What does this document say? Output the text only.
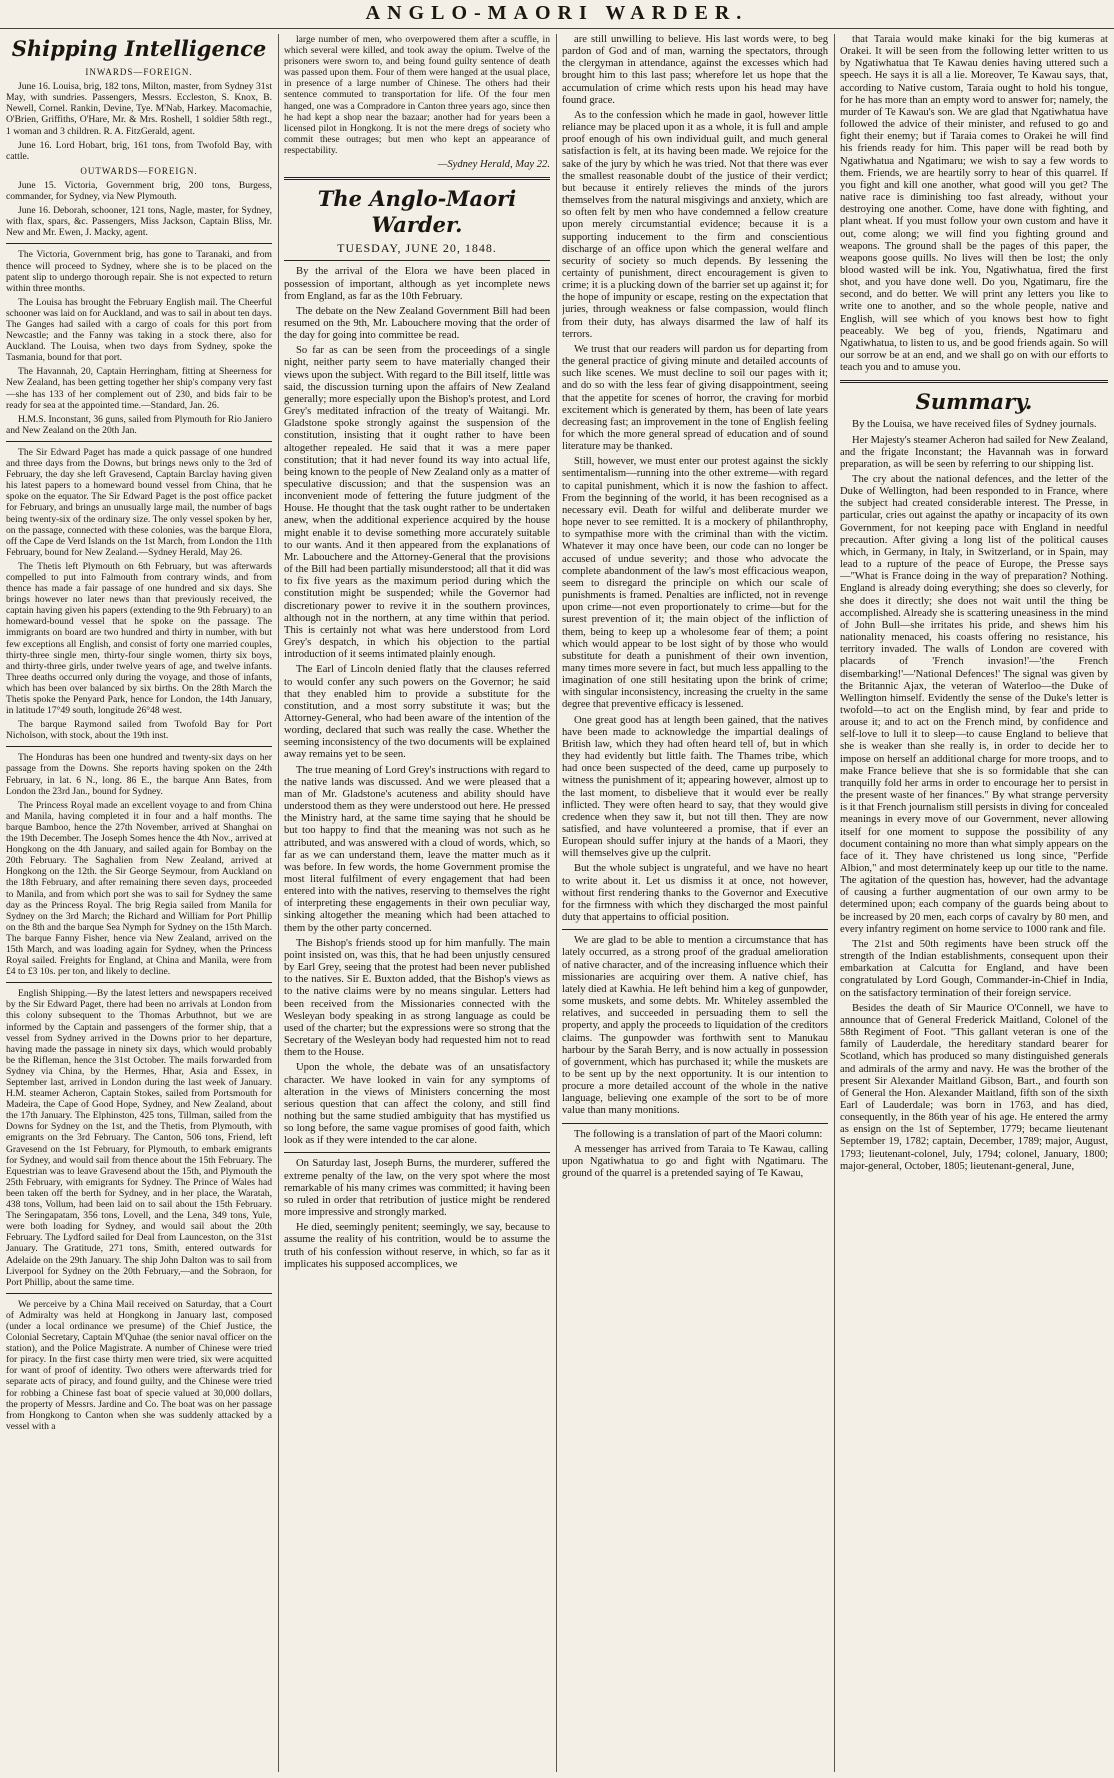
ANGLO-MAORI WARDER.
Shipping Intelligence
INWARDS—FOREIGN.

June 16. Louisa, brig, 182 tons, Milton, master, from Sydney 31st May, with sundries. Passengers, Messrs. Eccleston, S. Knox, B. Newell, Cornel. Rankin, Devine, Tye. M'Nab, Harkey. Macomachie, O'Brien, Griffiths, O'Hare, Mr. & Mrs. Roshell, 1 soldier 58th regt., 1 woman and 3 children. R. A. FitzGerald, agent.

June 16. Lord Hobart, brig, 161 tons, from Twofold Bay, with cattle.

OUTWARDS—FOREIGN.

June 15. Victoria, Government brig, 200 tons, Burgess, commander, for Sydney, via New Plymouth.

June 16. Deborah, schooner, 121 tons, Nagle, master, for Sydney, with flax, spars, &c. Passengers, Miss Jackson, Captain Bliss, Mr. New and Mr. Ewen, J. Macky, agent.

The Victoria, Government brig, has gone to Taranaki, and from thence will proceed to Sydney, where she is to be placed on the patent slip to undergo thorough repair. She is not expected to return within three months.

The Louisa has brought the February English mail. The Cheerful schooner was laid on for Auckland, and was to sail in about ten days. The Ganges had sailed with a cargo of coals for this port from Newcastle; and the Fanny was taking in a stock there, also for Auckland. The Louisa, when two days from Sydney, spoke the Tasmania, bound for that port.

The Havannah, 20, Captain Herringham, fitting at Sheerness for New Zealand, has been getting together her ship's company very fast—she has 133 of her complement out of 230, and bids fair to be ready for sea at the appointed time.—Standard, Jan. 26.

H.M.S. Inconstant, 36 guns, sailed from Plymouth for Rio Janiero and New Zealand on the 20th Jan.

The Sir Edward Paget has made a quick passage of one hundred and three days from the Downs, but brings news only to the 3rd of February, the day she left Gravesend, Captain Barclay having given his latest papers to a homeward bound vessel from China, that he spoke on the equator. The Sir Edward Paget is the post office packet for February, and brings an unusually large mail, the number of bags being twenty-six of the ordinary size. The only vessel spoken by her, on the passage, connected with these colonies, was the barque Elora, off the Cape de Verd Islands on the 1st March, from London the 11th February, bound for New Zealand.—Sydney Herald, May 26.

The Thetis left Plymouth on 6th February, but was afterwards compelled to put into Falmouth from contrary winds, and from thence has made a fair passage of one hundred and six days. She brings however no later news than that previously received, the captain having given his papers (extending to the 9th February) to an homeward-bound vessel that he spoke on the passage. The immigrants on board are two hundred and thirty in number, with but few exceptions all English, and consist of forty one married couples, thirty-three single men, thirty-four single women, thirty six boys, and thirty-three girls, under twelve years of age, and twelve infants. Three deaths occurred only during the voyage, and those of infants, which has been over balanced by six births. On the 28th March the Thetis spoke the Penyard Park, hence for London, the 14th January, in latitude 17°49 south, longitude 26°48 west.

The barque Raymond sailed from Twofold Bay for Port Nicholson, with stock, about the 19th inst.

The Honduras has been one hundred and twenty-six days on her passage from the Downs. She reports having spoken on the 24th February, in lat. 6 N., long. 86 E., the barque Ann Bates, from London the 23rd Jan., bound for Sydney.

The Princess Royal made an excellent voyage to and from China and Manila, having completed it in four and a half months. The barque Bamboo, hence the 27th November, arrived at Shanghai on the 19th December. The Joseph Somes hence the 4th Nov., arrived at Hongkong on the 4th January, and sailed again for Bombay on the 20th February. The Saghalien from New Zealand, arrived at Hongkong on the 12th. the Sir George Seymour, from Auckland on the 18th February, and after remaining there seven days, proceeded to Manila, and from which port she was to sail for Sydney the same day as the Princess Royal. The brig Regia sailed from Manila for Sydney on the 3rd March; the Richard and William for Port Phillip on the 8th and the barque Sea Nymph for Sydney on the 15th March. The barque Fanny Fisher, hence via New Zealand, arrived on the 15th March, and was loading again for Sydney, when the Princess Royal sailed. Freights for England, at China and Manila, were from £4 to £3 10s. per ton, and likely to decline.

English Shipping.—By the latest letters and newspapers received by the Sir Edward Paget, there had been no arrivals at London from this colony subsequent to the Thomas Arbuthnot, but we are informed by the Captain and passengers of the former ship, that a vessel from Sydney arrived in the Downs prior to her departure, having made the passage in ninety six days, which would probably be the Rifleman, hence the 31st October. The mails forwarded from Sydney via China, by the Hermes, Hhar, Asia and Essex, in September last, arrived in London during the last week of January. H.M. steamer Acheron, Captain Stokes, sailed from Portsmouth for Madeira, the Cape of Good Hope, Sydney, and New Zealand, about the 17th January. The Elphinston, 425 tons, Tillman, sailed from the Downs for Sydney on the 1st, and the Thetis, from Plymouth, with emigrants on the 3rd February. The Canton, 506 tons, Friend, left Gravesend on the 1st February, for Plymouth, to embark emigrants for Sydney, and would sail from thence about the 15th February. The Equestrian was to leave Gravesend about the 15th, and Plymouth the 25th February, with emigrants for Sydney. The Prince of Wales had been taken off the berth for Sydney, and in her place, the Waratah, 438 tons, Vollum, had been laid on to sail about the 15th February. The Seringapatam, 356 tons, Lovell, and the Lena, 349 tons, Yule, were both loading for Sydney, and would sail about the 20th February. The Lydford sailed for Deal from Launceston, on the 31st January. The Gratitude, 271 tons, Smith, entered outwards for Adelaide on the 29th January. The ship John Dalton was to sail from Liverpool for Sydney on the 20th February,—and the Sobraon, for Port Phillip, about the same time.

We perceive by a China Mail received on Saturday, that a Court of Admiralty was held at Hongkong in January last, composed (under a local ordinance we presume) of the Chief Justice, the Colonial Secretary, Captain M'Quhae (the senior naval officer on the station), and the Police Magistrate. A number of Chinese were tried for piracy. In the first case thirty men were tried, six were acquitted for want of proof of identity. Two others were afterwards tried for separate acts of piracy, and found guilty, and the Chinese were tried for robbing a Chinese fast boat of specie valued at 30,000 dollars, the property of Messrs. Jardine and Co. The boat was on her passage from Hongkong to Canton when she was suddenly attacked by a vessel with a

large number of men, who overpowered them after a scuffle, in which several were killed, and took away the opium. Twelve of the prisoners were sworn to, and being found guilty sentence of death was passed upon them. Four of them were hanged at the usual place, in presence of a large number of Chinese. The others had their sentence commuted to transportation for life. Of the four men hanged, one was a Compradore in Canton three years ago, since then he had kept a shop near the bazaar; another had for years been a licensed pilot in Hongkong. It is not the mere dregs of society who commit these outrages; but men who kept an appearance of respectability.

—Sydney Herald, May 22.
The Anglo-Maori Warder.
TUESDAY, JUNE 20, 1848.

By the arrival of the Elora we have been placed in possession of important, although as yet incomplete news from England, as far as the 10th February.

The debate on the New Zealand Government Bill had been resumed on the 9th, Mr. Labouchere moving that the order of the day for going into committee be read.

So far as can be seen from the proceedings of a single night, neither party seem to have materially changed their views upon the subject. With regard to the Bill itself, little was said, the discussion turning upon the affairs of New Zealand generally; more especially upon the Bishop's protest, and Lord Grey's meditated infraction of the treaty of Waitangi. Mr. Gladstone spoke strongly against the suspension of the constitution, insisting that it ought rather to have been altogether repealed. He said that it was a mere paper constitution; that it had never found its way into actual life, being known to the people of New Zealand only as a matter of speculative discussion; and that the suspension was an inconvenient mode of fettering the future judgment of the House. He thought that the task ought rather to be undertaken anew, when the additional experience acquired by the house might enable it to devise something more accurately suitable to our wants. And it then appeared from the explanations of Mr. Labouchere and the Attorney-General that the provisions of the Bill had been partially misunderstood; all that it did was to fix five years as the maximum period during which the constitution might be suspended; while the Governor had discretionary power to revive it in the southern provinces, although not in the northern, at any time within that period. This is certainly not what was here understood from Lord Grey's despatch, in which his objection to the partial introduction of it seems intimated plainly enough.

The Earl of Lincoln denied flatly that the clauses referred to would confer any such powers on the Governor; he said that they enabled him to provide a substitute for the constitution, and a most sorry substitute it was; but the Attorney-General, who had been aware of the intention of the wording, declared that such was really the case. Whether the seeming inconsistency of the two documents will be explained away remains yet to be seen.

The true meaning of Lord Grey's instructions with regard to the native lands was discussed. And we were pleased that a man of Mr. Gladstone's acuteness and ability should have understood them as they were understood out here. He pressed the Ministry hard, at the same time saying that he should be but too happy to find that the meaning was not such as he attributed, and was answered with a cloud of words, which, so far as we can understand them, leave the matter much as it was before. In few words, the home Government promise the most literal fulfilment of every engagement that had been entered into with the natives, reserving to themselves the right of interpreting these engagements in their own peculiar way, sinking altogether the meaning which had been attached to them by the other party concerned.

The Bishop's friends stood up for him manfully. The main point insisted on, was this, that he had been unjustly censured by Earl Grey, seeing that the protest had been never published to the natives. Sir E. Buxton added, that the Bishop's views as to the native claims were by no means singular. Letters had been received from the Missionaries connected with the Wesleyan body speaking in as strong language as could be used of the charter; but the expressions were so strong that the Secretary of the Wesleyan body had requested him not to read them to the House.

Upon the whole, the debate was of an unsatisfactory character. We have looked in vain for any symptoms of alteration in the views of Ministers concerning the most serious question that can affect the colony, and still find nothing but the same studied ambiguity that has mystified us so long before, the same vague promises of good faith, which look as if they were intended to the car alone.

On Saturday last, Joseph Burns, the murderer, suffered the extreme penalty of the law, on the very spot where the most remarkable of his many crimes was committed; it having been so ruled in order that retribution of justice might be rendered more impressive and strongly marked.

He died, seemingly penitent; seemingly, we say, because to assume the reality of his contrition, would be to assume the truth of his confession without reserve, in which, so far as it implicates his supposed accomplices, we

are still unwilling to believe. His last words were, to beg pardon of God and of man, warning the spectators, through the clergyman in attendance, against the excesses which had brought him to this last pass; wherefore let us hope that the accumulation of crime which rests upon his head may have found grace.

As to the confession which he made in gaol, however little reliance may be placed upon it as a whole, it is full and ample proof enough of his own individual guilt, and much general satisfaction is felt, at its having been made. We rejoice for the sake of the jury by which he was tried. Not that there was ever the smallest reasonable doubt of the justice of their verdict; but because it entirely relieves the minds of the jurors themselves from the natural misgivings and anxiety, which are so often felt by men who have condemned a fellow creature upon merely circumstantial evidence; because it is a supporting inducement to the firm and conscientious discharge of an office upon which the general welfare and security of society so much depends. By lessening the certainty of punishment, direct encouragement is given to crime; it is a plucking down of the barrier set up against it; for the hope of impunity or escape, resting on the expectation that juries, through weakness or false compassion, would flinch from their duty, has always disarmed the law of half its terrors.

We trust that our readers will pardon us for departing from the general practice of giving minute and detailed accounts of such like scenes. We must decline to soil our pages with it; and do so with the less fear of giving disappointment, seeing that the appetite for scenes of horror, the craving for morbid excitement which is generated by them, has been of late years decreasing fast; an improvement in the tone of English feeling for which the more general spread of education and of sound literature may be thanked.

Still, however, we must enter our protest against the sickly sentimentalism—running into the other extreme—with regard to capital punishment, which it is now the fashion to affect. From the beginning of the world, it has been recognised as a necessary evil. Death for wilful and deliberate murder we hope never to see remitted. It is a mockery of philanthrophy, to sympathise more with the criminal than with the victim. Whatever it may once have been, our code can no longer be accused of undue severity; and those who advocate the complete abandonment of the law's most efficacious weapon, seem to disregard the principle on which our scale of punishments is framed. Penalties are inflicted, not in revenge upon crime—not even proportionately to crime—but for the surest prevention of it; the main object of the infliction of them, being to keep up a wholesome fear of them; a point which would appear to be lost sight of by those who would substitute for death a punishment of their own invention, many times more severe in fact, but much less appalling to the imagination of one still hesitating upon the brink of crime; with singular inconsistency, increasing the cruelty in the same degree that preventive efficacy is lessened.

One great good has at length been gained, that the natives have been made to acknowledge the impartial dealings of British law, which they had often heard tell of, but in which they had evidently but little faith. The Thames tribe, which had once been suspected of the deed, came up purposely to witness the punishment of it; appearing however, almost up to the last moment, to disbelieve that it would ever be really inflicted. They were often heard to say, that they would give credence when they saw it, but not till then. They are now satisfied, and have volunteered a promise, that if ever an European should suffer injury at the hands of a Maori, they will themselves give up the culprit.

But the whole subject is ungrateful, and we have no heart to write about it. Let us dismiss it at once, not however, without first rendering thanks to the Governor and Executive for the firmness with which they discharged the most painful duty that appertains to official position.

We are glad to be able to mention a circumstance that has lately occurred, as a strong proof of the gradual amelioration of native character, and of the increasing influence which their missionaries are acquiring over them. A native chief, has lately died at Kawhia. He left behind him a keg of gunpowder, some muskets, and some debts. Mr. Whiteley assembled the relatives, and succeeded in persuading them to sell the property, and apply the proceeds to liquidation of the creditors claims. The gunpowder was forthwith sent to Manukau harbour by the Sarah Berry, and is now actually in possession of government, which has purchased it; while the muskets are to be sent up by the next opportunity. It is our intention to procure a more detailed account of the whole in the native language, believing one example of the sort to be of more value than many monitions.

The following is a translation of part of the Maori column:

A messenger has arrived from Taraia to Te Kawau, calling upon Ngatiwhatua to go and fight with Ngatimaru. The ground of the quarrel is a pretended saying of Te Kawau,

that Taraia would make kinaki for the big kumeras at Orakei. It will be seen from the following letter written to us by Ngatiwhatua that Te Kawau denies having uttered such a speech. He says it is all a lie. Moreover, Te Kawau says, that, according to Native custom, Taraia ought to hold his tongue, for he has more than an empty word to answer for; namely, the murder of Te Kawau's son. We are glad that Ngatiwhatua have followed the advice of their minister, and refused to go and fight their enemy; but if Taraia comes to Orakei he will find his friends ready for him. This paper will be read both by Ngatiwhatua and Ngatimaru; we wish to say a few words to them. Friends, we are heartily sorry to hear of this quarrel. If you fight and kill one another, what good will you get? The native race is diminishing too fast already, without your destroying one another. Come, have done with fighting, and plant wheat. If you must follow your own custom and have it out, come along; we will find you fighting ground and weapons. The ground shall be the pages of this paper, the weapons goose quills. No lives will then be lost; the only blood wasted will be ink. You, Ngatiwhatua, fired the first shot, and you have done well. Do you, Ngatimaru, fire the second, and do better. We will print any letters you like to write one to another, and so the whole people, native and English, will see which of you knows best how to fight peaceably. We beg of you, friends, Ngatimaru and Ngatiwhatua, to listen to us, and be good friends again. So will our sorrow be at an end, and we shall go on with our efforts to teach you and to amuse you.

Summary.

By the Louisa, we have received files of Sydney journals.

Her Majesty's steamer Acheron had sailed for New Zealand, and the frigate Inconstant; the Havannah was in forward preparation, as will be seen by referring to our shipping list.

The cry about the national defences, and the letter of the Duke of Wellington, had been responded to in France, where the subject had created considerable interest. The Presse, in particular, cries out against the apathy or incapacity of its own Government, for not keeping pace with England in needful precaution. After giving a long list of the political causes which, in Germany, in Italy, in Switzerland, or in Spain, may lead to a rupture of the peace of Europe, the Presse says—"What is France doing in the way of preparation? Nothing. England is already doing everything; she does so cleverly, for she does it directly; she does not wait until the thing be accomplished. Already she is scattering uneasiness in the mind of John Bull—she irritates his pride, and shews him his nationality menaced, his coasts offering no resistance, his territory invaded. The walls of London are covered with placards of 'French invasion!'—'the French disembarking!'—'National Defences!' The signal was given by the Britannic Ajax, the veteran of Waterloo—the Duke of Wellington himself. Evidently the sense of the Duke's letter is twofold—to act on the English mind, by fear and pride to arouse it; and to act on the French mind, by confidence and self-love to lull it to sleep—to cause England to believe that she is weaker than she really is, in order to decide her to impose on herself an additional charge for more troops, and to make France believe that she is so formidable that she can tranquilly fold her arms in order to encourage her to persist in the present waste of her finances." By what strange perversity is it that French journalism still persists in diving for concealed meanings in every move of our Government, never allowing itself for one moment to suppose the possibility of any document containing no more than what simply appears on the face of it. They have christened us long since, "Perfide Albion," and most determinately keep up our title to the name. The agitation of the question has, however, had the advantage of causing a further augmentation of our own army to be determined upon; each company of the guards being about to be increased by 20 men, each corps of cavalry by 80 men, and every infantry regiment on home service to 1000 rank and file.

The 21st and 50th regiments have been struck off the strength of the Indian establishments, consequent upon their embarkation at Calcutta for England, and have been congratulated by Lord Gough, Commander-in-Chief in India, on the satisfactory termination of their foreign service.

Besides the death of Sir Maurice O'Connell, we have to announce that of General Frederick Maitland, Colonel of the 58th Regiment of Foot. "This gallant veteran is one of the family of Lauderdale, the hereditary standard bearer for Scotland, which has produced so many distinguished generals and admirals of the army and navy. He was the brother of the present Sir Alexander Maitland Gibson, Bart., and fourth son of General the Hon. Alexander Maitland, fifth son of the sixth Earl of Lauderdale; was born in 1763, and has died, consequently, in the 86th year of his age. He entered the army as ensign on the 1st of September, 1779; became lieutenant September 19, 1782; captain, December, 1789; major, August, 1793; lieutenant-colonel, July, 1794; colonel, January, 1800; major-general, October, 1805; lieutenant-general, June,
